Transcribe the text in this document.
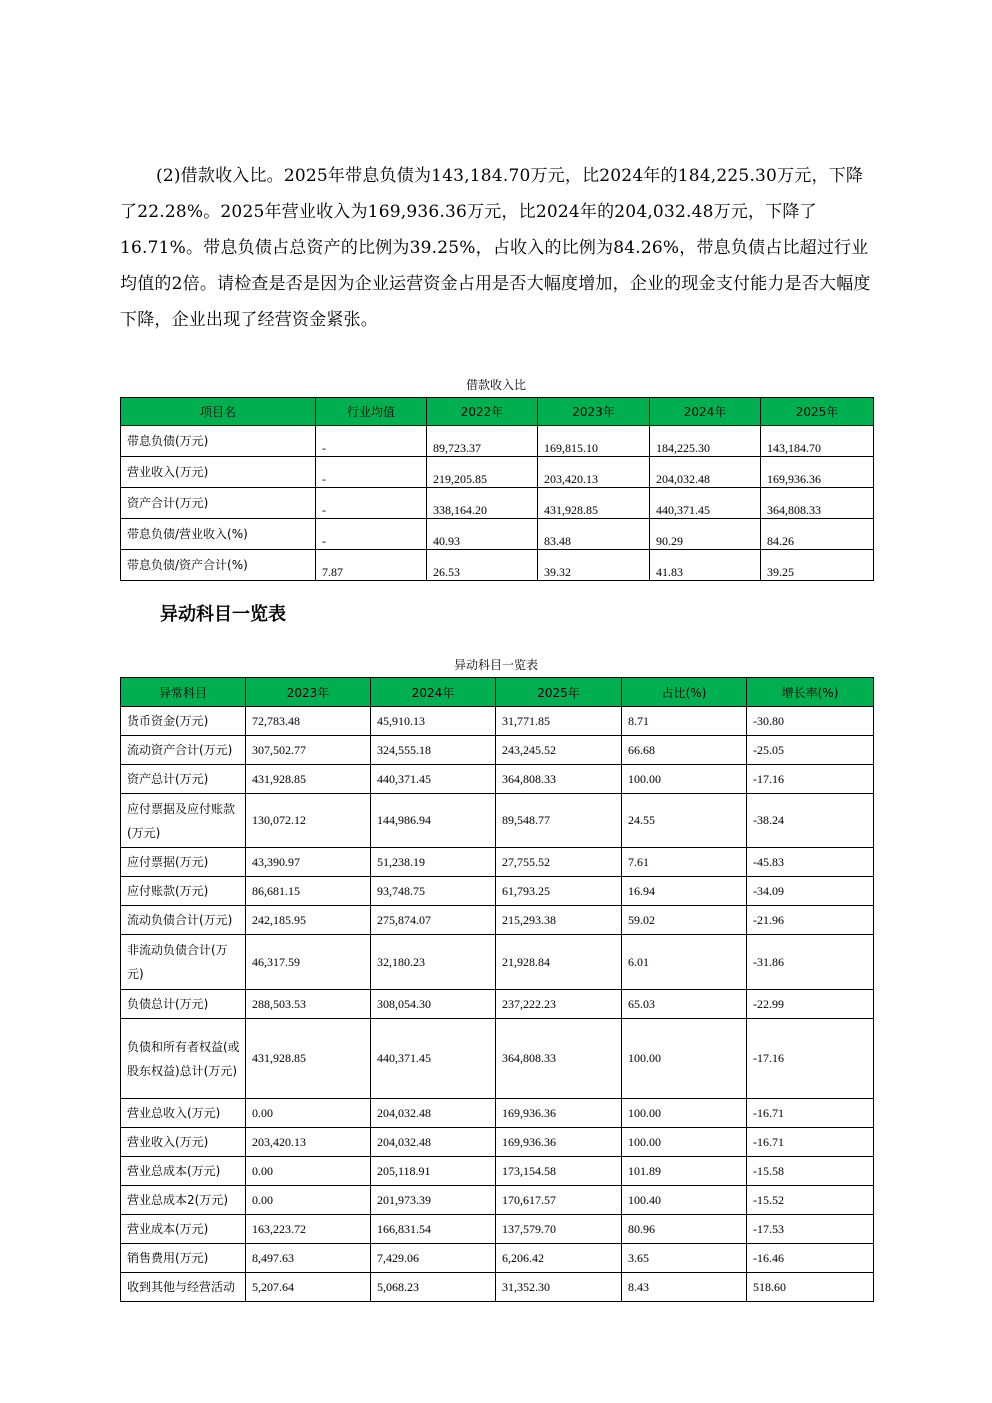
(2)借款收入比。2025年带息负债为143,184.70万元，比2024年的184,225.30万元，下降了22.28%。2025年营业收入为169,936.36万元，比2024年的204,032.48万元，下降了16.71%。带息负债占总资产的比例为39.25%，占收入的比例为84.26%，带息负债占比超过行业均值的2倍。请检查是否是因为企业运营资金占用是否大幅度增加，企业的现金支付能力是否大幅度下降，企业出现了经营资金紧张。

借款收入比
项目名	行业均值	2022年	2023年	2024年	2025年
带息负债(万元)	-	89,723.37	169,815.10	184,225.30	143,184.70
营业收入(万元)	-	219,205.85	203,420.13	204,032.48	169,936.36
资产合计(万元)	-	338,164.20	431,928.85	440,371.45	364,808.33
带息负债/营业收入(%)	-	40.93	83.48	90.29	84.26
带息负债/资产合计(%)	7.87	26.53	39.32	41.83	39.25
异动科目一览表
异动科目一览表
异常科目	2023年	2024年	2025年	占比(%)	增长率(%)
货币资金(万元)	72,783.48	45,910.13	31,771.85	8.71	-30.80
流动资产合计(万元)	307,502.77	324,555.18	243,245.52	66.68	-25.05
资产总计(万元)	431,928.85	440,371.45	364,808.33	100.00	-17.16
应付票据及应付账款(万元)	130,072.12	144,986.94	89,548.77	24.55	-38.24
应付票据(万元)	43,390.97	51,238.19	27,755.52	7.61	-45.83
应付账款(万元)	86,681.15	93,748.75	61,793.25	16.94	-34.09
流动负债合计(万元)	242,185.95	275,874.07	215,293.38	59.02	-21.96
非流动负债合计(万元)	46,317.59	32,180.23	21,928.84	6.01	-31.86
负债总计(万元)	288,503.53	308,054.30	237,222.23	65.03	-22.99
负债和所有者权益(或股东权益)总计(万元)	431,928.85	440,371.45	364,808.33	100.00	-17.16
营业总收入(万元)	0.00	204,032.48	169,936.36	100.00	-16.71
营业收入(万元)	203,420.13	204,032.48	169,936.36	100.00	-16.71
营业总成本(万元)	0.00	205,118.91	173,154.58	101.89	-15.58
营业总成本2(万元)	0.00	201,973.39	170,617.57	100.40	-15.52
营业成本(万元)	163,223.72	166,831.54	137,579.70	80.96	-17.53
销售费用(万元)	8,497.63	7,429.06	6,206.42	3.65	-16.46
收到其他与经营活动	5,207.64	5,068.23	31,352.30	8.43	518.60
